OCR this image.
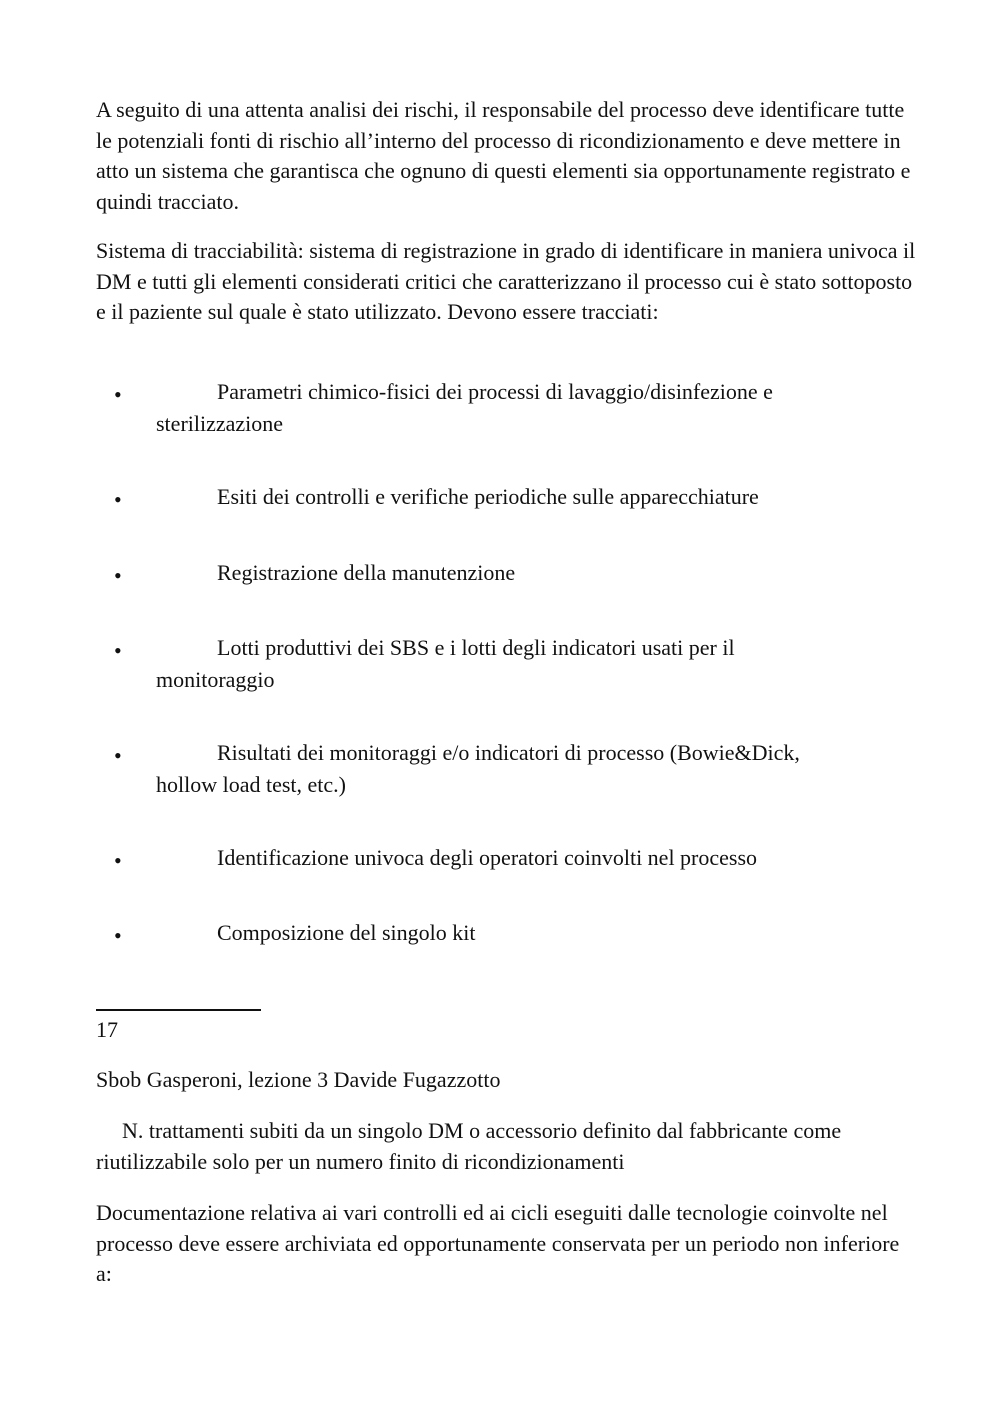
A seguito di una attenta analisi dei rischi, il responsabile del processo deve identificare tutte le potenziali fonti di rischio all’interno del processo di ricondizionamento e deve mettere in atto un sistema che garantisca che ognuno di questi elementi sia opportunamente registrato e quindi tracciato.

Sistema di tracciabilità: sistema di registrazione in grado di identificare in maniera univoca il DM e tutti gli elementi considerati critici che caratterizzano il processo cui è stato sottoposto e il paziente sul quale è stato utilizzato. Devono essere tracciati:

•	Parametri chimico-fisici dei processi di lavaggio/disinfezione e sterilizzazione
•	Esiti dei controlli e verifiche periodiche sulle apparecchiature
•	Registrazione della manutenzione
•	Lotti produttivi dei SBS e i lotti degli indicatori usati per il monitoraggio
•	Risultati dei monitoraggi e/o indicatori di processo (Bowie&Dick, hollow load test, etc.)
•	Identificazione univoca degli operatori coinvolti nel processo
•	Composizione del singolo kit
17
Sbob Gasperoni, lezione 3 Davide Fugazzotto

N. trattamenti subiti da un singolo DM o accessorio definito dal fabbricante come riutilizzabile solo per un numero finito di ricondizionamenti

Documentazione relativa ai vari controlli ed ai cicli eseguiti dalle tecnologie coinvolte nel processo deve essere archiviata ed opportunamente conservata per un periodo non inferiore a:
